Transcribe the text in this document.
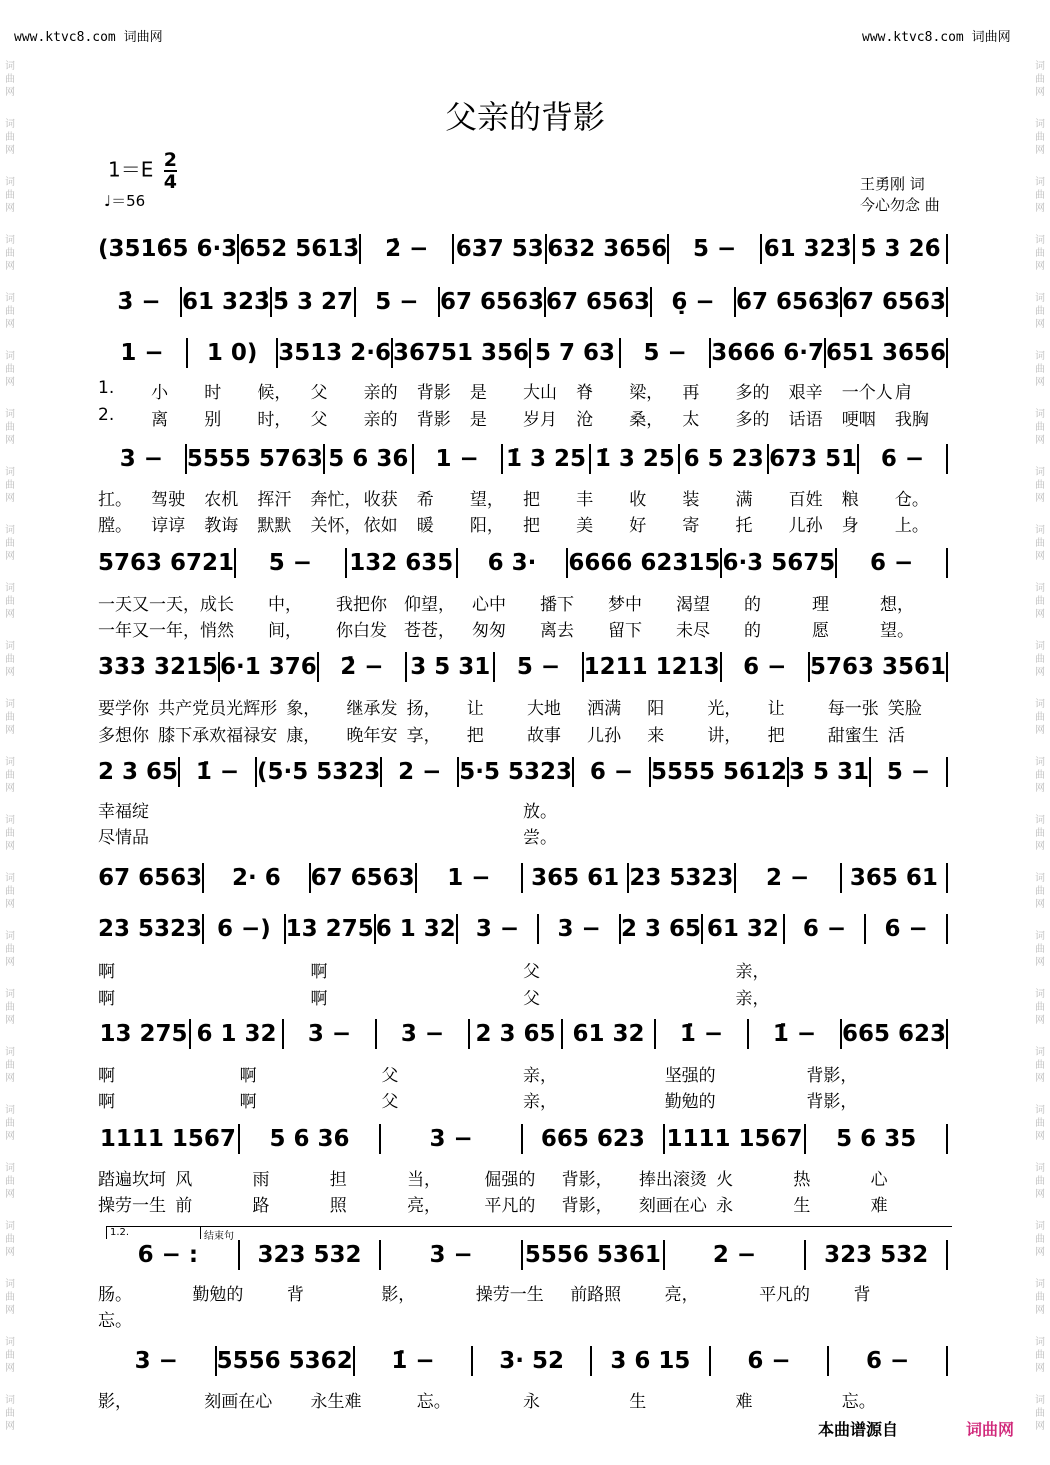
www.ktvc8.com 词曲网	www.ktvc8.com 词曲网
词
曲
网
词
曲
网
词
曲
网
词
曲
网
词
曲
网
词
曲
网
词
曲
网
词
曲
网
词
曲
网
词
曲
网
词
曲
网
词
曲
网
词
曲
网
词
曲
网
词
曲
网
词
曲
网
词
曲
网
词
曲
网
词
曲
网
词
曲
网
词
曲
网
词
曲
网
词
曲
网
词
曲
网
词
曲
网
词
曲
网
词
曲
网
词
曲
网
词
曲
网
词
曲
网
词
曲
网
词
曲
网
词
曲
网
词
曲
网
词
曲
网
词
曲
网
词
曲
网
词
曲
网
词
曲
网
词
曲
网
词
曲
网
词
曲
网
词
曲
网
词
曲
网
词
曲
网
词
曲
网
词
曲
网
词
曲
网
父亲的背影
$1=E \frac{2}{4}$
♩＝56
王勇刚 词
今心勿念 曲
(3516̇5 6·3 652 5613̇	2̇ −	637 53 632 3656	5 −	61 323̇ 5̇ 3 26̇
3̇ − 61 323̇ 5̇ 3 27 5 − 67 6563 67 6563 6̣ − 67 6563 67 6563
1 −	1 0) 3513 2·6 36751 356 5 7 63	5 −	3666 6·7 651 3656
3 −	5555 5763 5 6 36	1 −	1̇ 3 25 1̇ 3 25 6 5 23 673 51	6 −
5763 6721	5 −	132 635	6 3·	6666 62315 6·3 5675	6 −
333 3215 6·1 376	2̇ −	3 5 31	5 −	1211 1213	6 −	5763 3561
2 3 65 1̇ − (5·5 5323 2 − 5·5 5323 6 − 5555 5612 3 5 31 5 −
67 6563	2· 6	67 6563	1 −	365 61 23 5323	2 −	365 61
23 5323 6 −) 13 275 6 1 32 3 −	3 − 2 3 65 61 32	6 −	6 −
13 275 6 1 32	3 −	3 −	2 3 65 61 32	1̇ −	1̇ −	665 623
1111 1567	5 6 36	3 −	665 623 1111 1567	5 6 35
6 − :	323 532	3 −	5556 5361	2 −	323 532
3 −	5556 5362	1̇ −	3· 52	3 6 15	6 −	6 −
1.	小	时	候，	父	亲的	背影	是	大山	脊	梁，	再	多的	艰辛	一个人 肩
2.	离	别	时，	父	亲的	背影	是	岁月	沧	桑，	太	多的	话语	哽咽	我胸
扛。	驾驶	农机	挥汗	奔忙， 收获	希	望，	把	丰	收	装	满	百姓	粮	仓。
膛。	谆谆	教诲	默默	关怀， 依如	暖	阳，	把	美	好	寄	托	儿孙	身	上。
一天又一天， 成长	中，	我把你	仰望，	心中	播下	梦中	渴望	的	理	想，
一年又一年， 悄然	间，	你白发	苍苍，	匆匆	离去	留下	未尽	的	愿	望。
要学你 共产党员 光辉形 象，	继承发 扬，	让	大地	洒满	阳	光，	让	每一张 笑脸
多想你 膝下承欢 福禄安 康，	晚年安 享，	把	故事	儿孙	来	讲，	把	甜蜜生 活
幸福绽	放。
尽情品	尝。
啊	啊	父	亲，
啊	啊	父	亲，
啊	啊	父	亲，	坚强的	背影，
啊	啊	父	亲，	勤勉的	背影，
踏遍坎坷 风	雨	担	当，	倔强的	背影，	捧出滚烫 火	热	心
操劳一生 前	路	照	亮，	平凡的	背影，	刻画在心 永	生	难
肠。	勤勉的	背	影，	操劳一生	前路照	亮，	平凡的	背
忘。
影，	刻画在心	永生难	忘。	永	生	难	忘。
1.2.	结束句
本曲谱源自	词曲网
